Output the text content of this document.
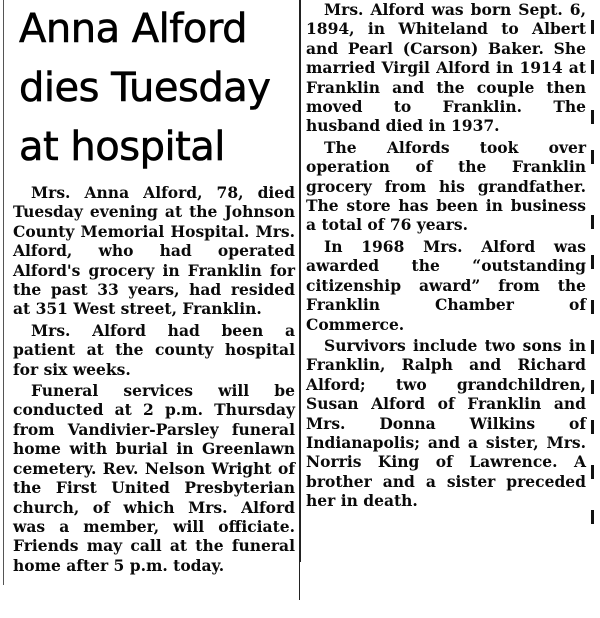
Anna Alford
dies Tuesday
at hospital

Mrs. Anna Alford, 78, died Tuesday evening at the Johnson County Memorial Hospital. Mrs. Alford, who had operated Alford's grocery in Franklin for the past 33 years, had resided at 351 West street, Franklin.

Mrs. Alford had been a patient at the county hospital for six weeks.

Funeral services will be conducted at 2 p.m. Thursday from Vandivier-Parsley funeral home with burial in Greenlawn cemetery. Rev. Nelson Wright of the First United Presbyterian church, of which Mrs. Alford was a member, will officiate. Friends may call at the funeral home after 5 p.m. today.

Mrs. Alford was born Sept. 6, 1894, in Whiteland to Albert and Pearl (Carson) Baker. She married Virgil Alford in 1914 at Franklin and the couple then moved to Franklin. The husband died in 1937.

The Alfords took over operation of the Franklin grocery from his grandfather. The store has been in business a total of 76 years.

In 1968 Mrs. Alford was awarded the “outstanding citizenship award” from the Franklin Chamber of Commerce.

Survivors include two sons in Franklin, Ralph and Richard Alford; two grandchildren, Susan Alford of Franklin and Mrs. Donna Wilkins of Indianapolis; and a sister, Mrs. Norris King of Lawrence. A brother and a sister preceded her in death.
